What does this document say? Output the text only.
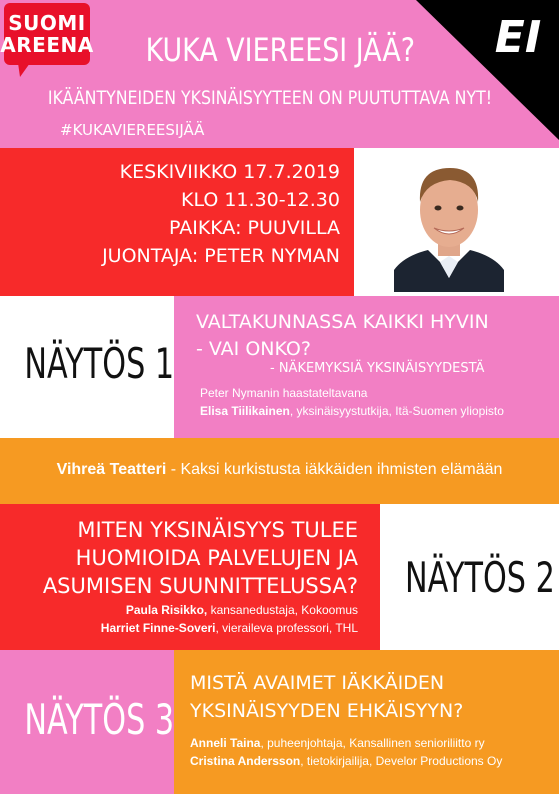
SUOMI
AREENA	EI
KUKA VIEREESI JÄÄ?
IKÄÄNTYNEIDEN YKSINÄISYYTEEN ON PUUTUTTAVA NYT!
#KUKAVIEREESIJÄÄ
KESKIVIIKKO 17.7.2019
KLO 11.30-12.30
PAIKKA: PUUVILLA
JUONTAJA: PETER NYMAN
NÄYTÖS 1
VALTAKUNNASSA KAIKKI HYVIN
- VAI ONKO?
- NÄKEMYKSIÄ YKSINÄISYYDESTÄ
Peter Nymanin haastateltavana
Elisa Tiilikainen, yksinäisyystutkija, Itä-Suomen yliopisto
Vihreä Teatteri - Kaksi kurkistusta iäkkäiden ihmisten elämään
MITEN YKSINÄISYYS TULEE
HUOMIOIDA PALVELUJEN JA
ASUMISEN SUUNNITTELUSSA?
Paula Risikko, kansanedustaja, Kokoomus
Harriet Finne-Soveri, vieraileva professori, THL
NÄYTÖS 2
NÄYTÖS 3
MISTÄ AVAIMET IÄKKÄIDEN
YKSINÄISYYDEN EHKÄISYYN?
Anneli Taina, puheenjohtaja, Kansallinen senioriliitto ry
Cristina Andersson, tietokirjailija, Develor Productions Oy
